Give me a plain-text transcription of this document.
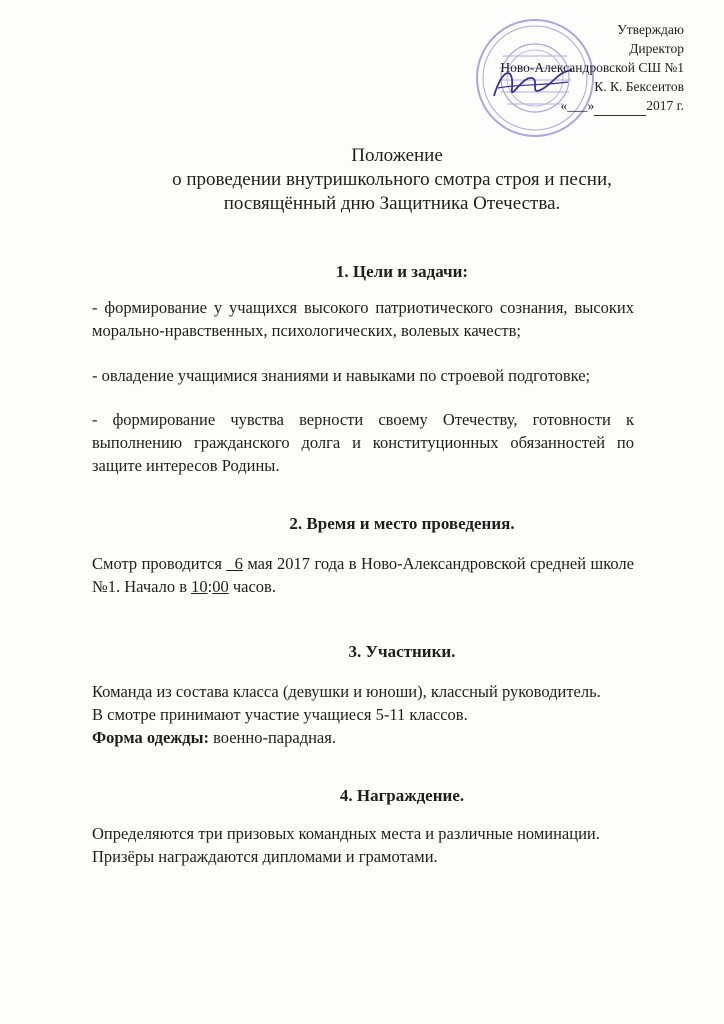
Утверждаю
Директор
Ново-Александровской СШ №1
К. К. Бексеитов
«___»	2017 г.
Положение
о проведении внутришкольного смотра строя и песни,
посвящённый дню Защитника Отечества.
1. Цели и задачи:
- формирование у учащихся высокого патриотического сознания, высоких морально-нравственных, психологических, волевых качеств;
- овладение учащимися знаниями и навыками по строевой подготовке;
- формирование чувства верности своему Отечеству, готовности к выполнению гражданского долга и конституционных обязанностей по защите интересов Родины.
2. Время и место проведения.
Смотр проводится _6 мая 2017 года в Ново-Александровской средней школе №1. Начало в 10:00 часов.
3. Участники.
Команда из состава класса (девушки и юноши), классный руководитель.
В смотре принимают участие учащиеся 5-11 классов.
Форма одежды: военно-парадная.
4. Награждение.
Определяются три призовых командных места и различные номинации.
Призёры награждаются дипломами и грамотами.
